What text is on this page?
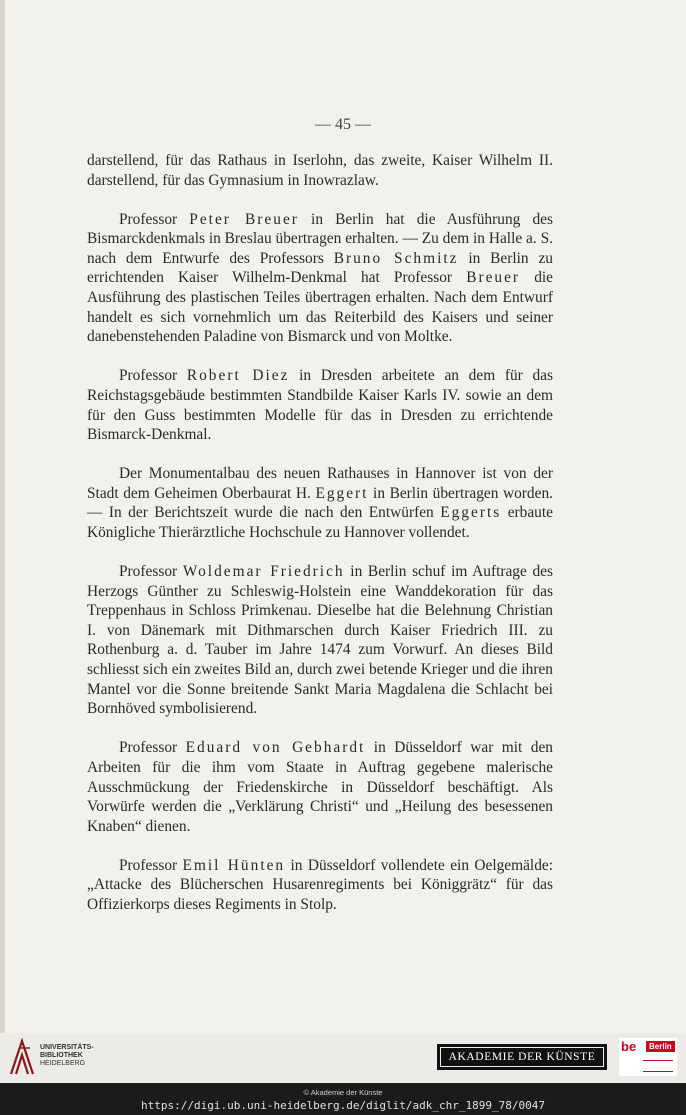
— 45 —

darstellend, für das Rathaus in Iserlohn, das zweite, Kaiser Wilhelm II. darstellend, für das Gymnasium in Inowrazlaw.

Professor Peter Breuer in Berlin hat die Ausführung des Bismarckdenkmals in Breslau übertragen erhalten. — Zu dem in Halle a. S. nach dem Entwurfe des Professors Bruno Schmitz in Berlin zu errichtenden Kaiser Wilhelm-Denkmal hat Professor Breuer die Ausführung des plastischen Teiles übertragen erhalten. Nach dem Entwurf handelt es sich vornehmlich um das Reiterbild des Kaisers und seiner danebenstehenden Paladine von Bismarck und von Moltke.

Professor Robert Diez in Dresden arbeitete an dem für das Reichstagsgebäude bestimmten Standbilde Kaiser Karls IV. sowie an dem für den Guss bestimmten Modelle für das in Dresden zu errichtende Bismarck-Denkmal.

Der Monumentalbau des neuen Rathauses in Hannover ist von der Stadt dem Geheimen Oberbaurat H. Eggert in Berlin übertragen worden. — In der Berichtszeit wurde die nach den Entwürfen Eggerts erbaute Königliche Thierärztliche Hochschule zu Hannover vollendet.

Professor Woldemar Friedrich in Berlin schuf im Auftrage des Herzogs Günther zu Schleswig-Holstein eine Wanddekoration für das Treppenhaus in Schloss Primkenau. Dieselbe hat die Belehnung Christian I. von Dänemark mit Dithmarschen durch Kaiser Friedrich III. zu Rothenburg a. d. Tauber im Jahre 1474 zum Vorwurf. An dieses Bild schliesst sich ein zweites Bild an, durch zwei betende Krieger und die ihren Mantel vor die Sonne breitende Sankt Maria Magdalena die Schlacht bei Bornhöved symbolisierend.

Professor Eduard von Gebhardt in Düsseldorf war mit den Arbeiten für die ihm vom Staate in Auftrag gegebene malerische Ausschmückung der Friedenskirche in Düsseldorf beschäftigt. Als Vorwürfe werden die „Verklärung Christi“ und „Heilung des besessenen Knaben“ dienen.

Professor Emil Hünten in Düsseldorf vollendete ein Oelgemälde: „Attacke des Blücherschen Husarenregiments bei Königgrätz“ für das Offizierkorps dieses Regiments in Stolp.

UNIVERSITÄTS-
BIBLIOTHEK
HEIDELBERG
AKADEMIE DER KÜNSTE
be	Berlin
© Akademie der Künste
https://digi.ub.uni-heidelberg.de/diglit/adk_chr_1899_78/0047
